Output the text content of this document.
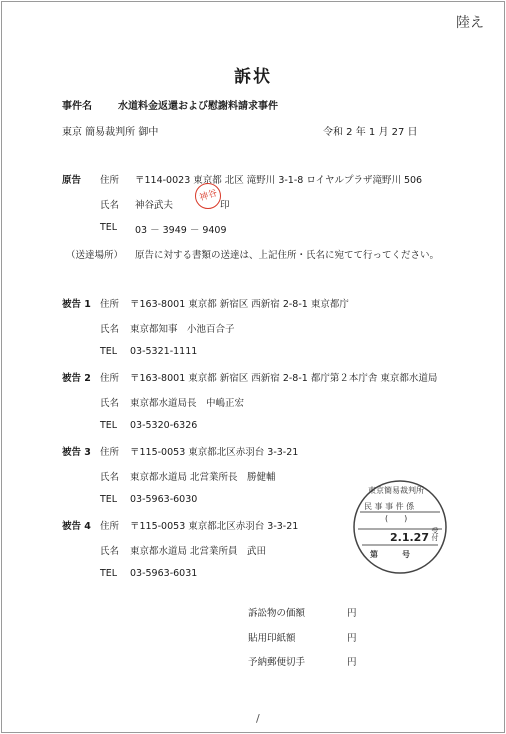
陸え
訴状
事件名	水道料金返還および慰謝料請求事件
東京 簡易裁判所 御中	令和 2 年 1 月 27 日
原告 住所 〒114-0023 東京都 北区 滝野川 3-1-8 ロイヤルプラザ滝野川 506
氏名 神谷武夫
神谷
印
TEL 03 － 3949 － 9409
（送達場所） 原告に対する書類の送達は、上記住所・氏名に宛てて行ってください。
被告 1 住所 〒163-8001 東京都 新宿区 西新宿 2-8-1 東京都庁
氏名 東京都知事　小池百合子
TEL 03-5321-1111
被告 2 住所 〒163-8001 東京都 新宿区 西新宿 2-8-1 都庁第２本庁舎 東京都水道局
氏名 東京都水道局長　中嶋正宏
TEL 03-5320-6326
被告 3 住所 〒115-0053 東京都北区赤羽台 3-3-21
氏名 東京都水道局 北営業所長　勝健輔
TEL 03-5963-6030
被告 4 住所 〒115-0053 東京都北区赤羽台 3-3-21
氏名 東京都水道局 北営業所員　武田
TEL 03-5963-6031
訴訟物の価額	円
貼用印紙額	円
予納郵便切手	円
東京簡易裁判所
民 事 事 件 係
(　　)
2.1.27 受付
第　　　号
/
